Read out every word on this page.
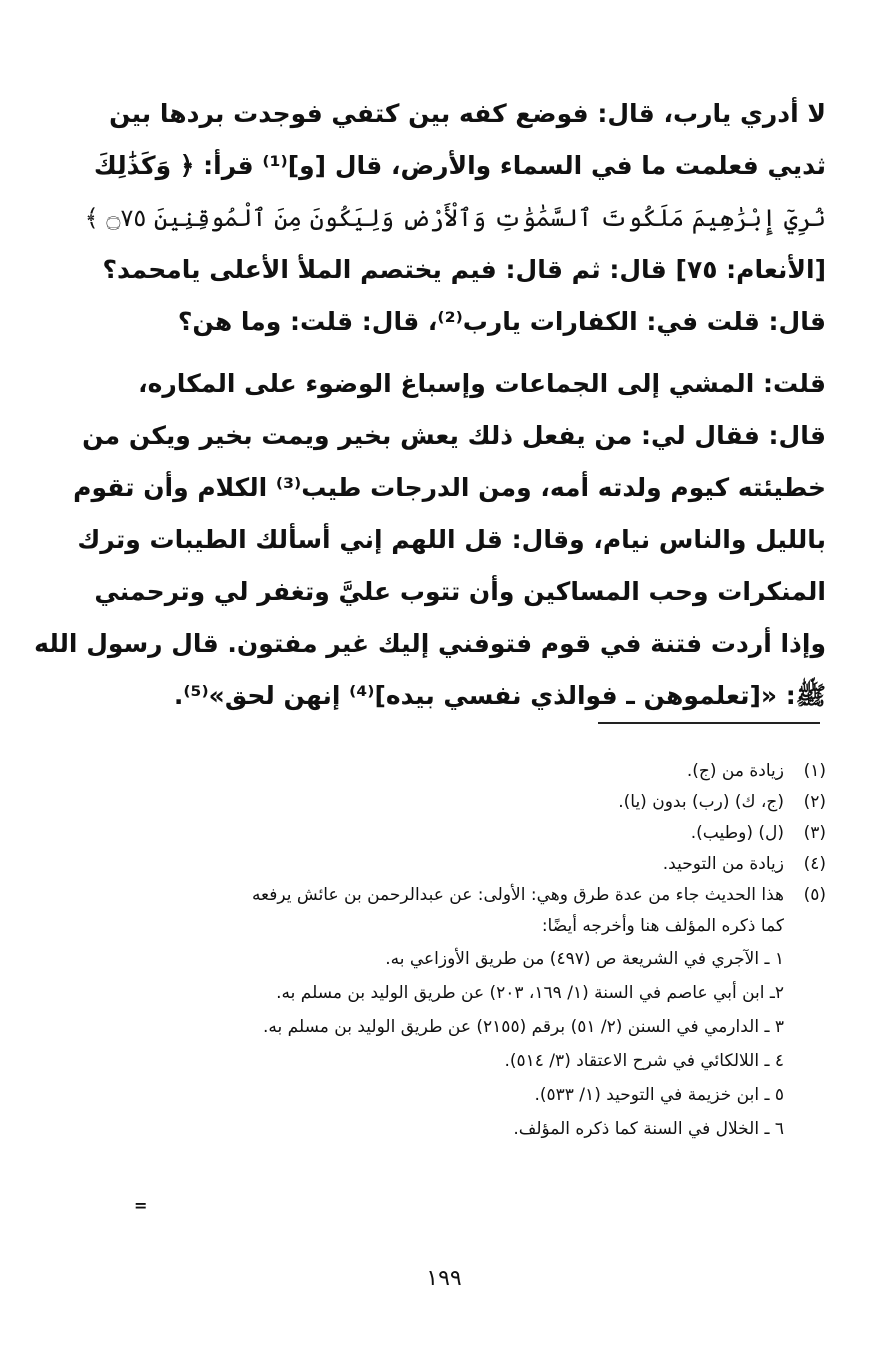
لا أدري يارب، قال: فوضع كفه بين كتفي فوجدت بردها بين
ثديي فعلمت ما في السماء والأرض، قال [و]⁽¹⁾ قرأ: ﴿ وَكَذَٰلِكَ
نُرِيٓ إِبْرَٰهِيمَ مَلَكُوتَ ٱلسَّمَٰوَٰتِ وَٱلْأَرْضِ وَلِيَكُونَ مِنَ ٱلْمُوقِنِينَ ۝٧٥ ﴾
[الأنعام: ٧٥] قال: ثم قال: فيم يختصم الملأ الأعلى يامحمد؟
قال: قلت في: الكفارات يارب⁽²⁾، قال: قلت: وما هن؟
قلت: المشي إلى الجماعات وإسباغ الوضوء على المكاره،
قال: فقال لي: من يفعل ذلك يعش بخير ويمت بخير ويكن من
خطيئته كيوم ولدته أمه، ومن الدرجات طيب⁽³⁾ الكلام وأن تقوم
بالليل والناس نيام، وقال: قل اللهم إني أسألك الطيبات وترك
المنكرات وحب المساكين وأن تتوب عليَّ وتغفر لي وترحمني
وإذا أردت فتنة في قوم فتوفني إليك غير مفتون. قال رسول الله
ﷺ: «[تعلموهن ـ فوالذي نفسي بيده]⁽⁴⁾ إنهن لحق»⁽⁵⁾.
(١)
زيادة من (ج).
(٢)
(ج، ك) (رب) بدون (يا).
(٣)
(ل) (وطيب).
(٤)
زيادة من التوحيد.
(٥)
هذا الحديث جاء من عدة طرق وهي: الأولى: عن عبدالرحمن بن عائش يرفعه
كما ذكره المؤلف هنا وأخرجه أيضًا:
١ ـ الآجري في الشريعة ص (٤٩٧) من طريق الأوزاعي به.
٢ـ ابن أبي عاصم في السنة (١/ ١٦٩، ٢٠٣) عن طريق الوليد بن مسلم به.
٣ ـ الدارمي في السنن (٢/ ٥١) برقم (٢١٥٥) عن طريق الوليد بن مسلم به.
٤ ـ اللالكائي في شرح الاعتقاد (٣/ ٥١٤).
٥ ـ ابن خزيمة في التوحيد (١/ ٥٣٣).
٦ ـ الخلال في السنة كما ذكره المؤلف.
=
١٩٩
